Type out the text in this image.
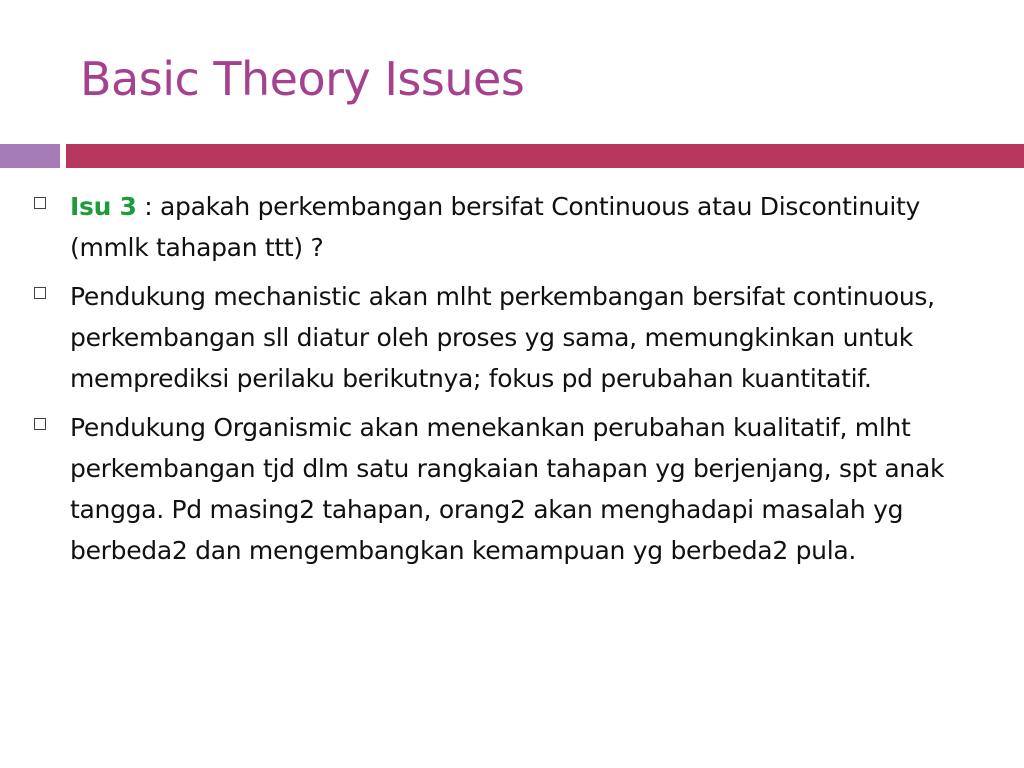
Basic Theory Issues
Isu 3 : apakah perkembangan bersifat Continuous atau Discontinuity (mmlk tahapan ttt) ?
Pendukung mechanistic akan mlht perkembangan bersifat continuous, perkembangan sll diatur oleh proses yg sama, memungkinkan untuk memprediksi perilaku berikutnya; fokus pd perubahan kuantitatif.
Pendukung Organismic akan menekankan perubahan kualitatif, mlht perkembangan tjd dlm satu rangkaian tahapan yg berjenjang, spt anak tangga. Pd masing2 tahapan, orang2 akan menghadapi masalah yg berbeda2 dan mengembangkan kemampuan yg berbeda2 pula.
